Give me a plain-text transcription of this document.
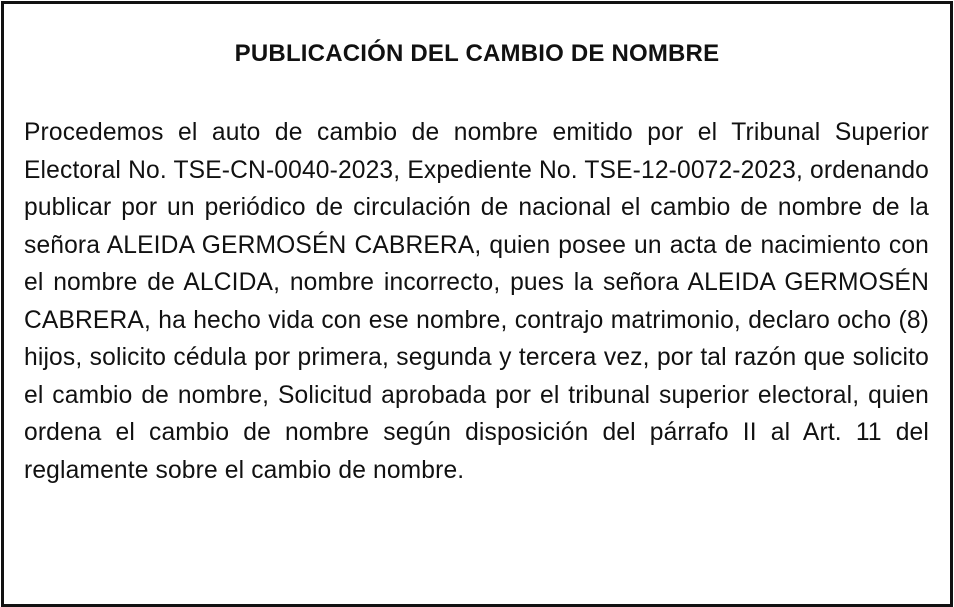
PUBLICACIÓN DEL CAMBIO DE NOMBRE

Procedemos el auto de cambio de nombre emitido por el Tribunal Superior Electoral No. TSE-CN-0040-2023, Expediente No. TSE-12-0072-2023, ordenando publicar por un periódico de circulación de nacional el cambio de nombre de la señora ALEIDA GERMOSÉN CABRERA, quien posee un acta de nacimiento con el nombre de ALCIDA, nombre incorrecto, pues la señora ALEIDA GERMOSÉN CABRERA, ha hecho vida con ese nombre, contrajo matrimonio, declaro ocho (8) hijos, solicito cédula por primera, segunda y tercera vez, por tal razón que solicito el cambio de nombre, Solicitud aprobada por el tribunal superior electoral, quien ordena el cambio de nombre según disposición del párrafo II al Art. 11 del reglamente sobre el cambio de nombre.
